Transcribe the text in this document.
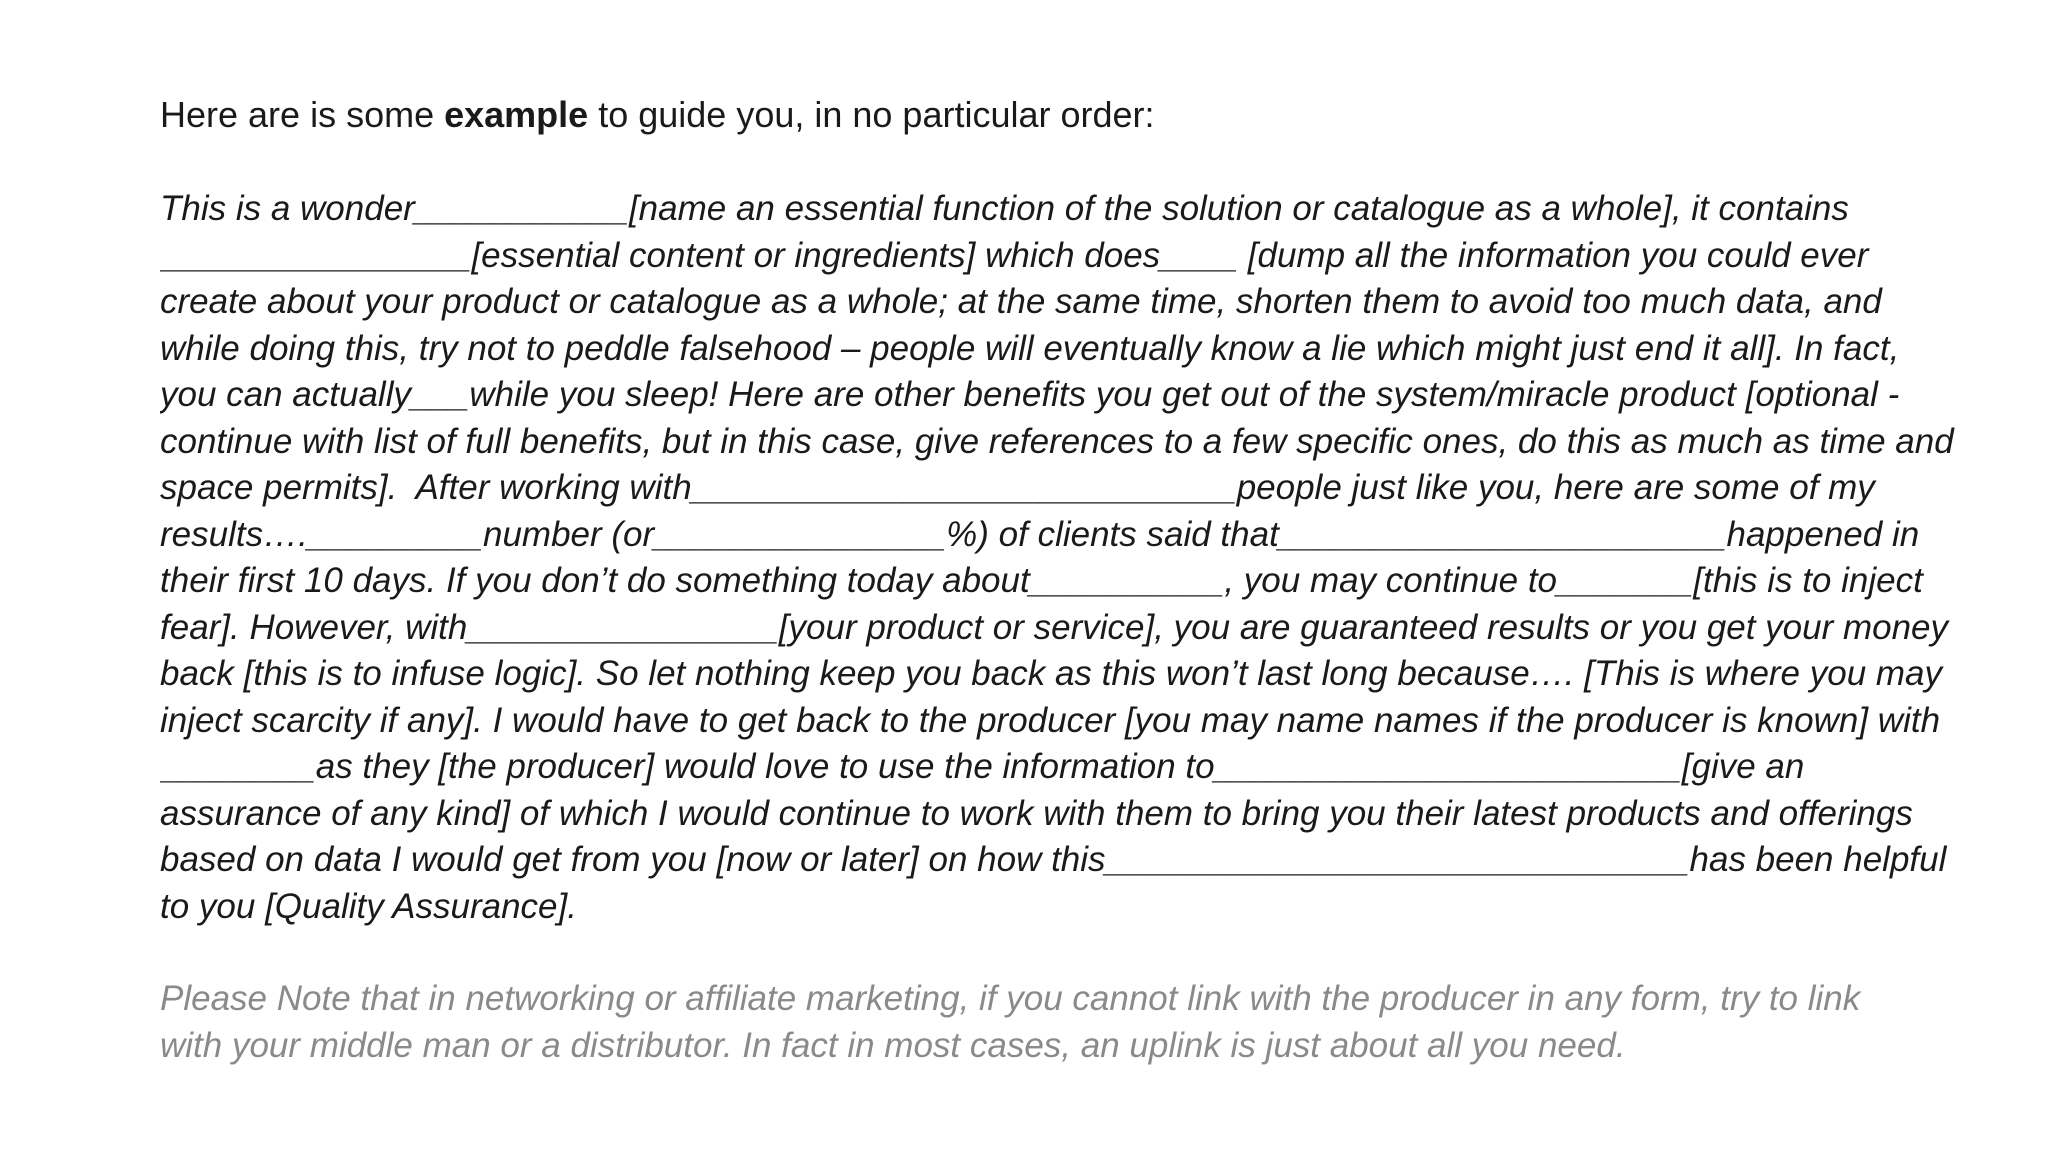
Here are is some example to guide you, in no particular order:
This is a wonder___________[name an essential function of the solution or catalogue as a whole], it contains
________________[essential content or ingredients] which does____ [dump all the information you could ever
create about your product or catalogue as a whole; at the same time, shorten them to avoid too much data, and
while doing this, try not to peddle falsehood – people will eventually know a lie which might just end it all]. In fact,
you can actually___while you sleep! Here are other benefits you get out of the system/miracle product [optional -
continue with list of full benefits, but in this case, give references to a few specific ones, do this as much as time and
space permits].  After working with____________________________people just like you, here are some of my
results…._________number (or_______________%) of clients said that_______________________happened in
their first 10 days. If you don’t do something today about__________, you may continue to_______[this is to inject
fear]. However, with________________[your product or service], you are guaranteed results or you get your money
back [this is to infuse logic]. So let nothing keep you back as this won’t last long because…. [This is where you may
inject scarcity if any]. I would have to get back to the producer [you may name names if the producer is known] with
________as they [the producer] would love to use the information to________________________[give an
assurance of any kind] of which I would continue to work with them to bring you their latest products and offerings
based on data I would get from you [now or later] on how this______________________________has been helpful
to you [Quality Assurance].
Please Note that in networking or affiliate marketing, if you cannot link with the producer in any form, try to link
with your middle man or a distributor. In fact in most cases, an uplink is just about all you need.
